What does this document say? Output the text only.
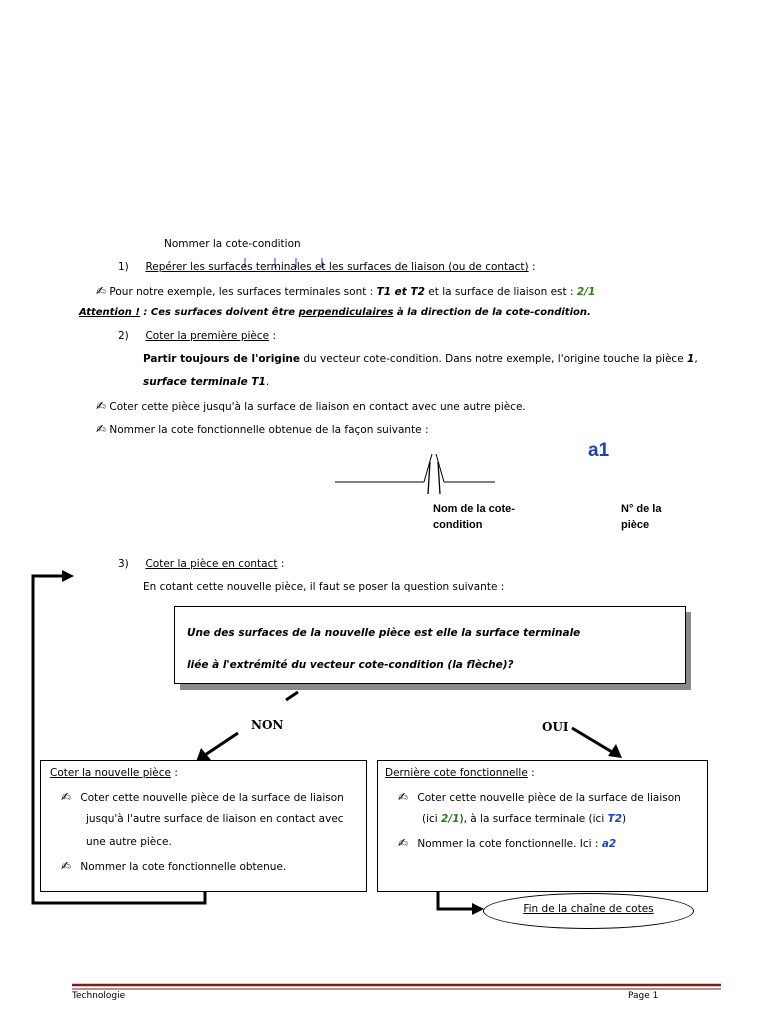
Nommer la cote-condition
1) Repérer les surfaces terminales et les surfaces de liaison (ou de contact) :
✍ Pour notre exemple, les surfaces terminales sont : T1 et T2 et la surface de liaison est : 2/1
Attention ! : Ces surfaces doivent être perpendiculaires à la direction de la cote-condition.
2) Coter la première pièce :
Partir toujours de l'origine du vecteur cote-condition. Dans notre exemple, l'origine touche la pièce 1,
surface terminale T1.
✍ Coter cette pièce jusqu'à la surface de liaison en contact avec une autre pièce.
✍ Nommer la cote fonctionnelle obtenue de la façon suivante :
a1
Nom de la cote-
condition
N° de la
pièce
3) Coter la pièce en contact :
En cotant cette nouvelle pièce, il faut se poser la question suivante :
Une des surfaces de la nouvelle pièce est elle la surface terminale
liée à l'extrémité du vecteur cote-condition (la flèche)?
NON	OUI
Coter la nouvelle pièce :
✍ Coter cette nouvelle pièce de la surface de liaison
jusqu'à l'autre surface de liaison en contact avec
une autre pièce.
✍ Nommer la cote fonctionnelle obtenue.
Dernière cote fonctionnelle :
✍ Coter cette nouvelle pièce de la surface de liaison
(ici 2/1), à la surface terminale (ici T2)
✍ Nommer la cote fonctionnelle. Ici : a2
Fin de la chaîne de cotes
Technologie	Page 1
